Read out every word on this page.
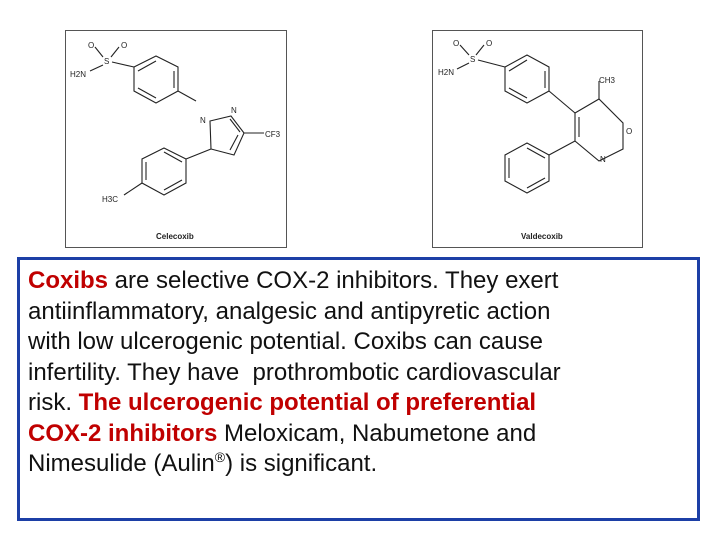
O	O
S
H2N
N
N
CF3
H3C
Celecoxib
O	O
S
H2N
CH3
O
N
Valdecoxib
Coxibs are selective COX-2 inhibitors. They exert
antiinflammatory, analgesic and antipyretic action
with low ulcerogenic potential. Coxibs can cause
infertility. They have  prothrombotic cardiovascular
risk. The ulcerogenic potential of preferential
COX-2 inhibitors Meloxicam, Nabumetone and
Nimesulide (Aulin®) is significant.
